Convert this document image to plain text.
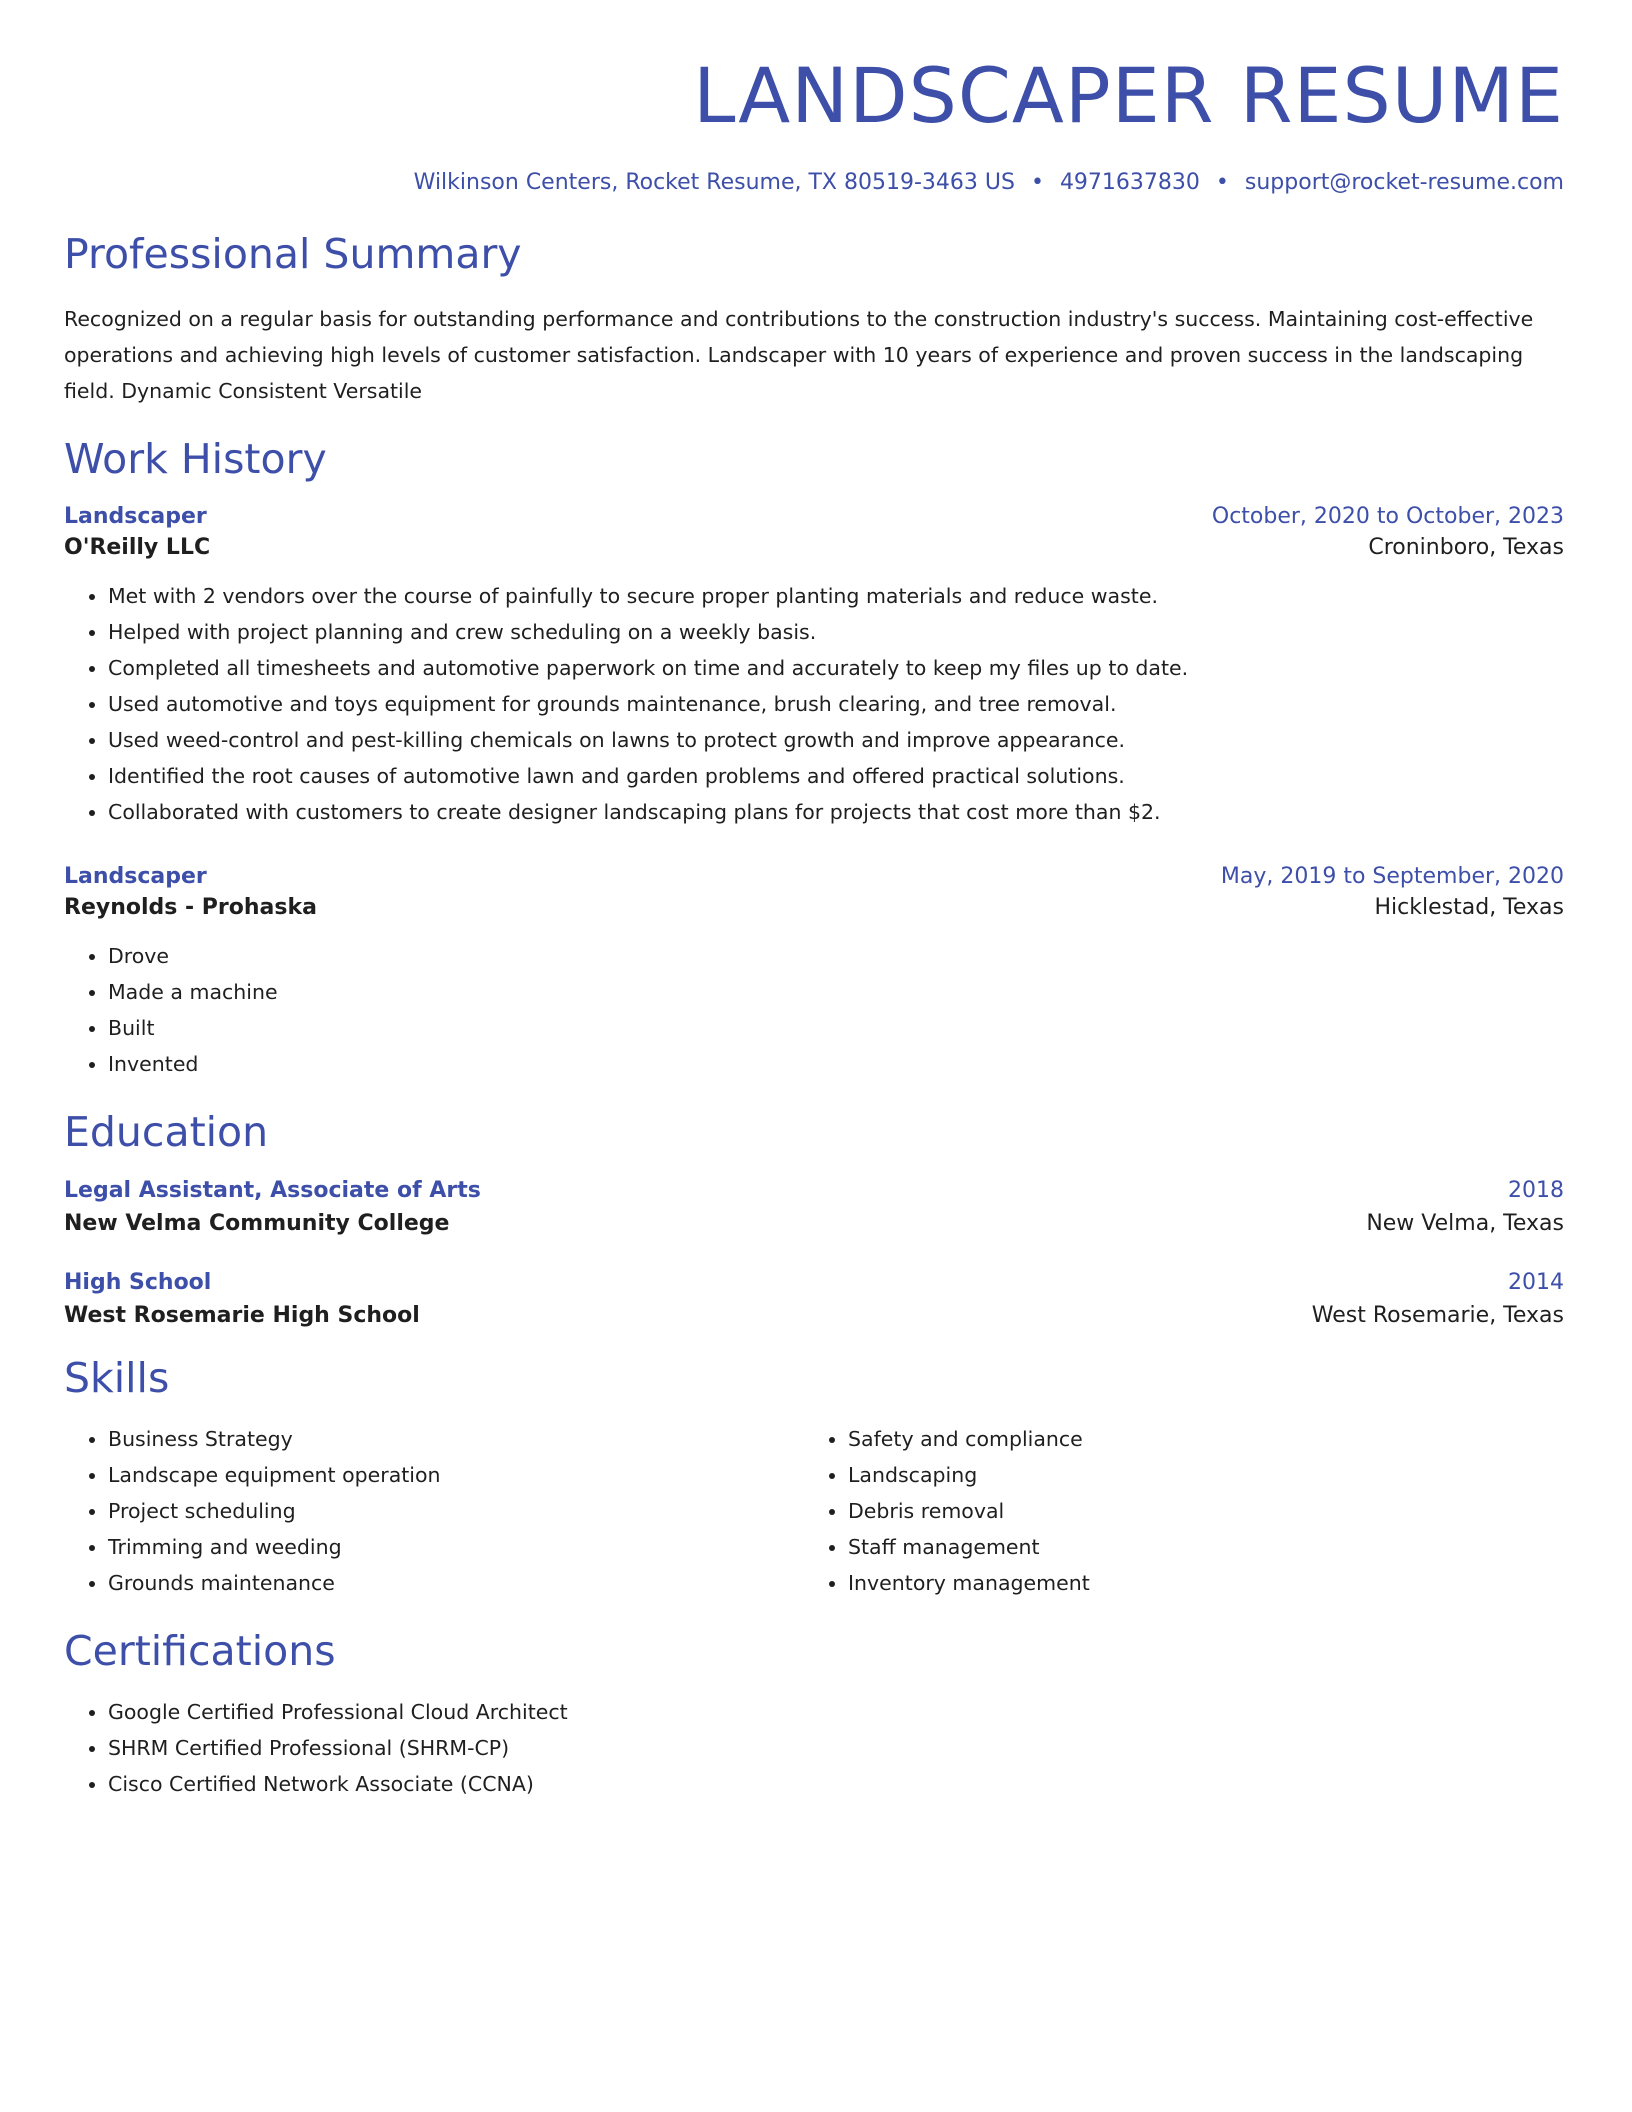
LANDSCAPER RESUME
Wilkinson Centers, Rocket Resume, TX 80519-3463 US • 4971637830 • support@rocket-resume.com
Professional Summary

Recognized on a regular basis for outstanding performance and contributions to the construction industry's success. Maintaining cost-effective operations and achieving high levels of customer satisfaction. Landscaper with 10 years of experience and proven success in the landscaping field. Dynamic Consistent Versatile

Work History
Landscaper	October, 2020 to October, 2023
O'Reilly LLC	Croninboro, Texas
• Met with 2 vendors over the course of painfully to secure proper planting materials and reduce waste.
• Helped with project planning and crew scheduling on a weekly basis.
• Completed all timesheets and automotive paperwork on time and accurately to keep my files up to date.
• Used automotive and toys equipment for grounds maintenance, brush clearing, and tree removal.
• Used weed-control and pest-killing chemicals on lawns to protect growth and improve appearance.
• Identified the root causes of automotive lawn and garden problems and offered practical solutions.
• Collaborated with customers to create designer landscaping plans for projects that cost more than $2.
Landscaper	May, 2019 to September, 2020
Reynolds - Prohaska	Hicklestad, Texas
• Drove
• Made a machine
• Built
• Invented
Education
Legal Assistant, Associate of Arts	2018
New Velma Community College	New Velma, Texas
High School	2014
West Rosemarie High School	West Rosemarie, Texas
Skills
• Business Strategy
• Landscape equipment operation
• Project scheduling
• Trimming and weeding
• Grounds maintenance
• Safety and compliance
• Landscaping
• Debris removal
• Staff management
• Inventory management
Certifications
• Google Certified Professional Cloud Architect
• SHRM Certified Professional (SHRM-CP)
• Cisco Certified Network Associate (CCNA)
